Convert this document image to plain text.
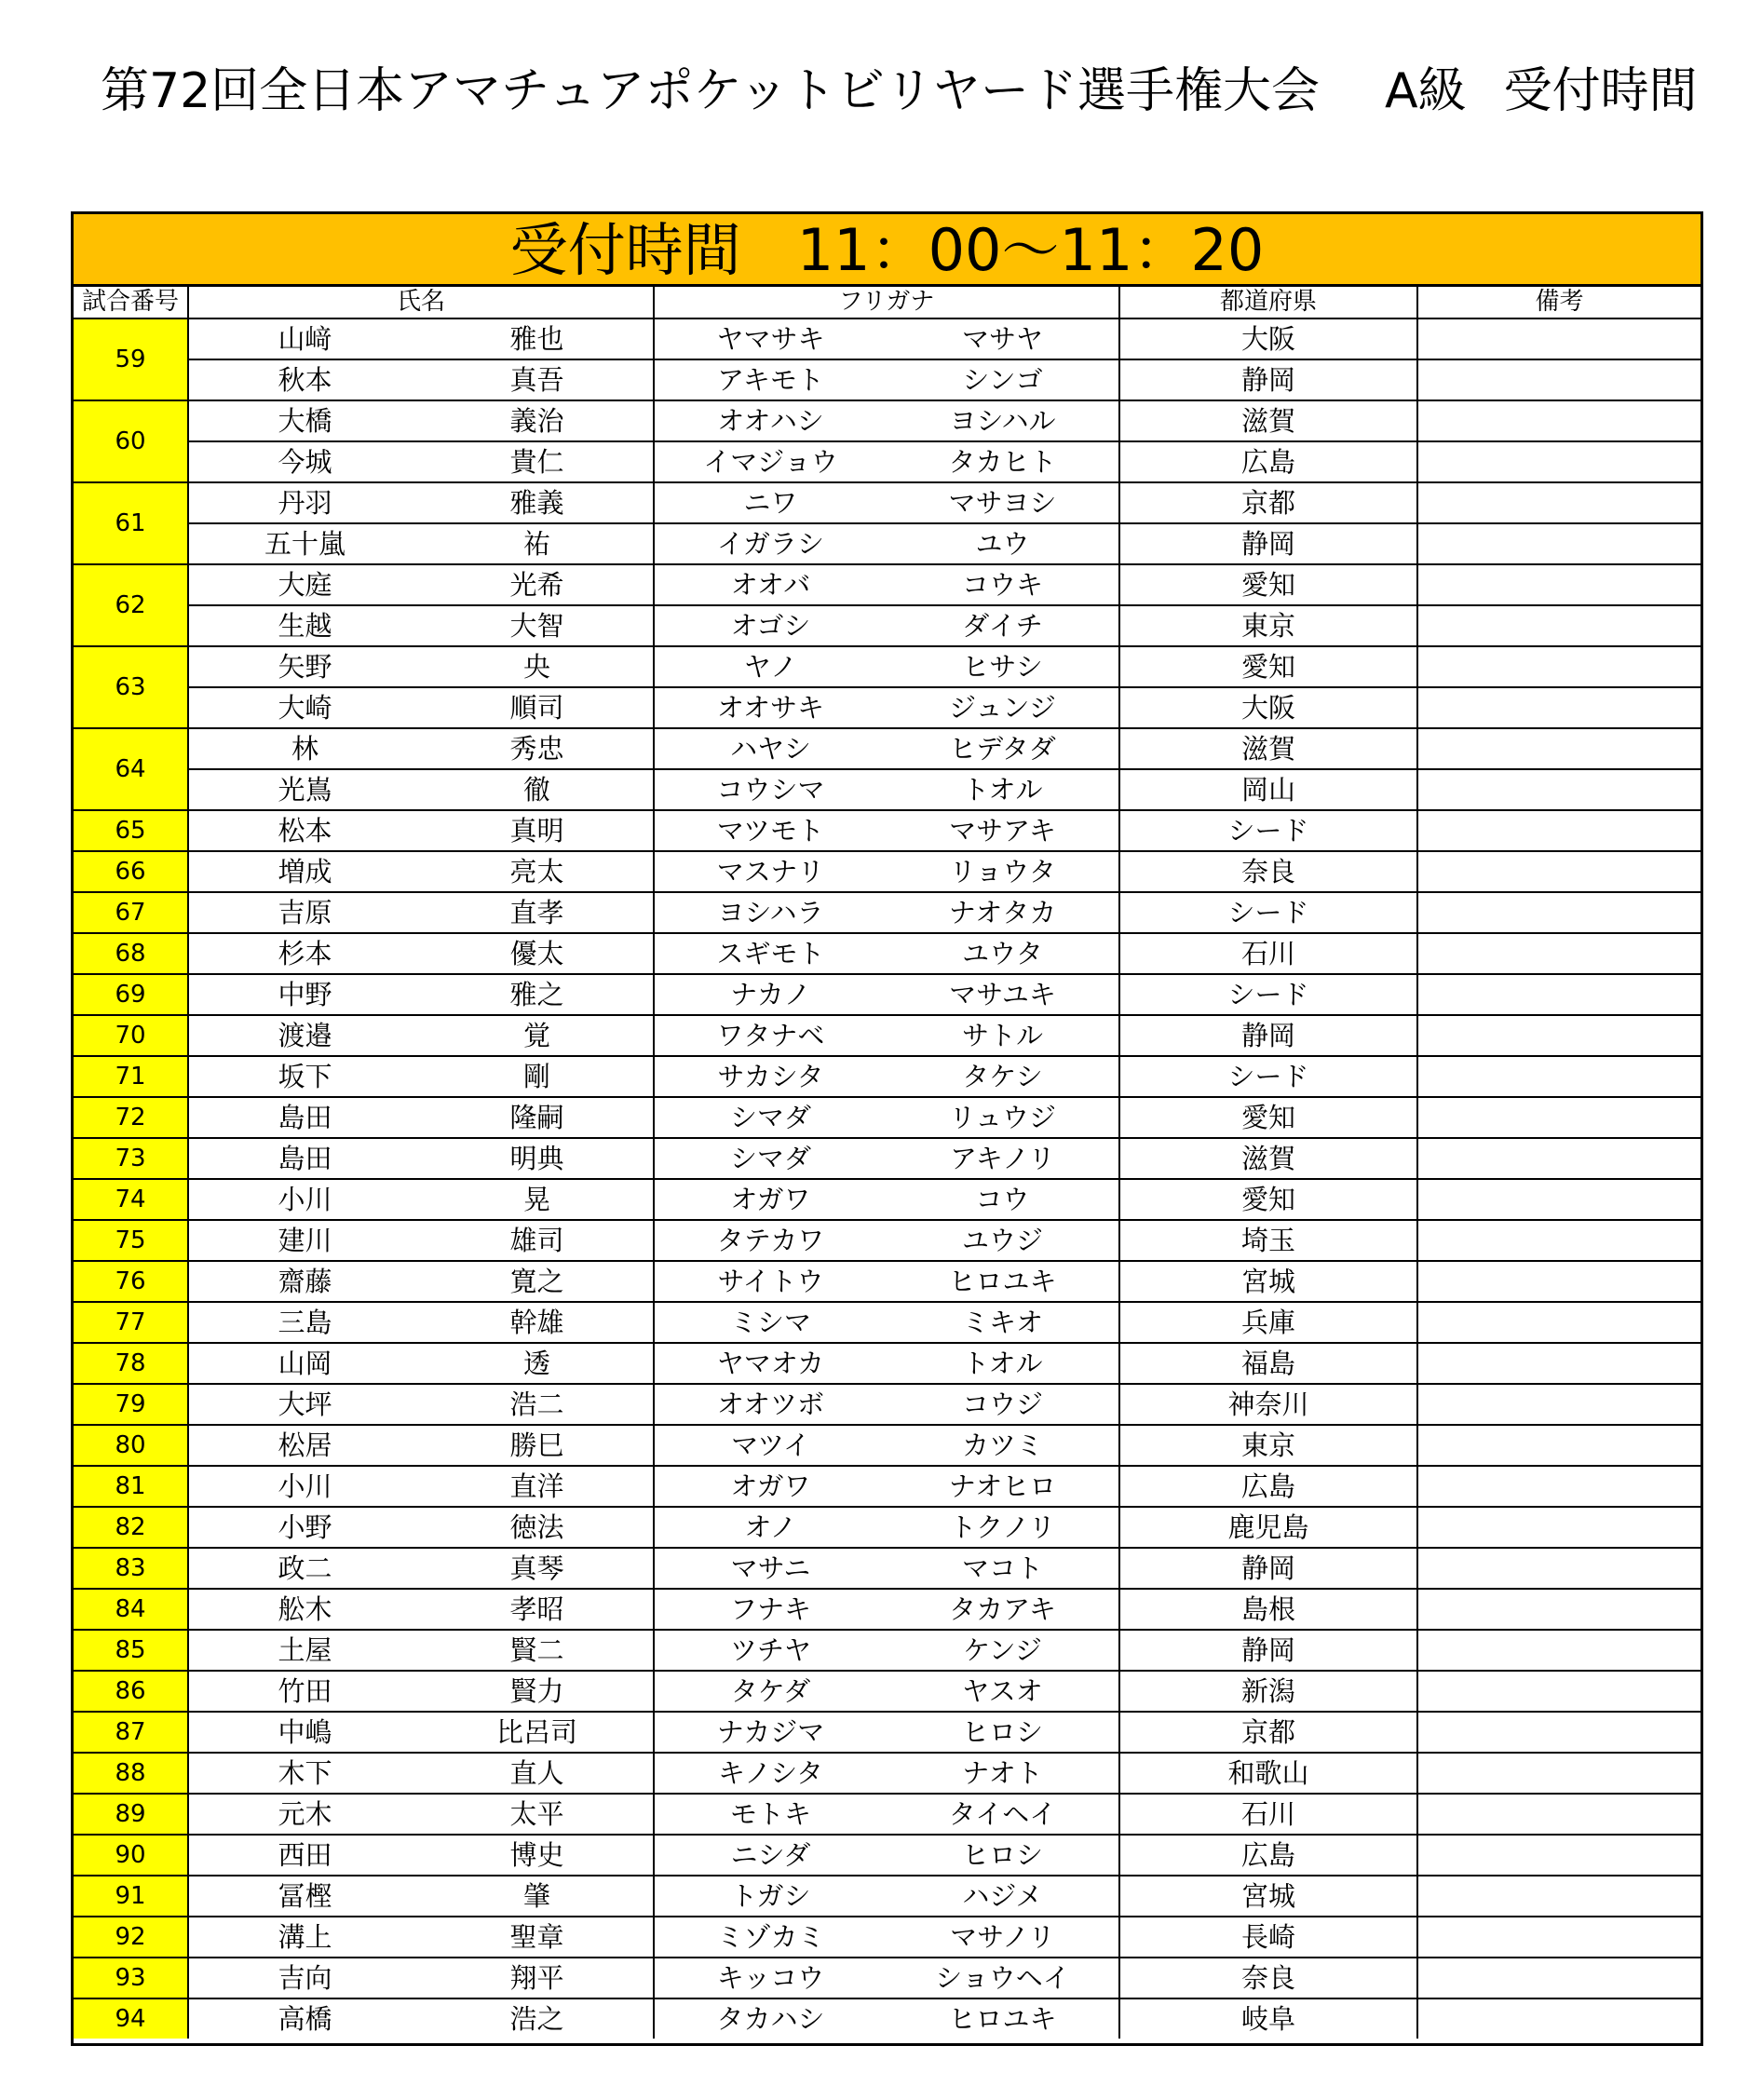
第72回全日本アマチュアポケットビリヤード選手権大会 A級 受付時間
受付時間 11：00～11：20
試合番号	氏名	フリガナ	都道府県	備考
59	山﨑 雅也	ヤマサキ マサヤ	大阪	

	秋本 真吾	アキモト シンゴ	静岡	
60	大橋 義治	オオハシ ヨシハル	滋賀	

	今城 貴仁	イマジョウ タカヒト	広島	
61	丹羽 雅義	ニワ マサヨシ	京都	

	五十嵐 祐	イガラシ ユウ	静岡	
62	大庭 光希	オオバ コウキ	愛知	

	生越 大智	オゴシ ダイチ	東京	
63	矢野 央	ヤノ ヒサシ	愛知	

	大崎 順司	オオサキ ジュンジ	大阪	
64	林 秀忠	ハヤシ ヒデタダ	滋賀	

	光嶌 徹	コウシマ トオル	岡山	
65	松本 真明	マツモト マサアキ	シード	
66	増成 亮太	マスナリ リョウタ	奈良	
67	吉原 直孝	ヨシハラ ナオタカ	シード	
68	杉本 優太	スギモト ユウタ	石川	
69	中野 雅之	ナカノ マサユキ	シード	
70	渡邉 覚	ワタナベ サトル	静岡	
71	坂下 剛	サカシタ タケシ	シード	
72	島田 隆嗣	シマダ リュウジ	愛知	
73	島田 明典	シマダ アキノリ	滋賀	
74	小川 晃	オガワ コウ	愛知	
75	建川 雄司	タテカワ ユウジ	埼玉	
76	齋藤 寛之	サイトウ ヒロユキ	宮城	
77	三島 幹雄	ミシマ ミキオ	兵庫	
78	山岡 透	ヤマオカ トオル	福島	
79	大坪 浩二	オオツボ コウジ	神奈川	
80	松居 勝巳	マツイ カツミ	東京	
81	小川 直洋	オガワ ナオヒロ	広島	
82	小野 徳法	オノ トクノリ	鹿児島	
83	政二 真琴	マサニ マコト	静岡	
84	舩木 孝昭	フナキ タカアキ	島根	
85	土屋 賢二	ツチヤ ケンジ	静岡	
86	竹田 賢力	タケダ ヤスオ	新潟	
87	中嶋 比呂司	ナカジマ ヒロシ	京都	
88	木下 直人	キノシタ ナオト	和歌山	
89	元木 太平	モトキ タイヘイ	石川	
90	西田 博史	ニシダ ヒロシ	広島	
91	冨樫 肇	トガシ ハジメ	宮城	
92	溝上 聖章	ミゾカミ マサノリ	長崎	
93	吉向 翔平	キッコウ ショウヘイ	奈良	
94	高橋 浩之	タカハシ ヒロユキ	岐阜	
